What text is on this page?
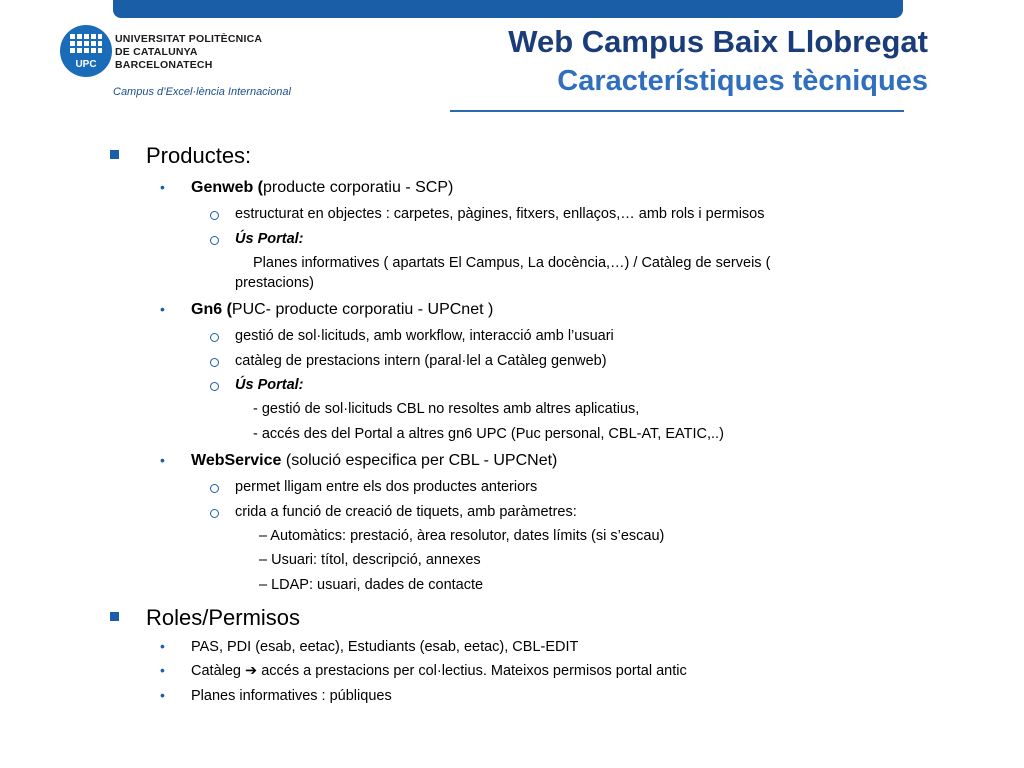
UPC
UNIVERSITAT POLITÈCNICA
DE CATALUNYA
BARCELONATECH
Campus d’Excel·lència Internacional
Web Campus Baix Llobregat
Característiques tècniques
Productes:
• Genweb (producte corporatiu - SCP)
estructurat en objectes : carpetes, pàgines, fitxers, enllaços,… amb rols i permisos
Ús Portal:
Planes informatives ( apartats El Campus, La docència,…) / Catàleg de serveis (
prestacions)
• Gn6 (PUC- producte corporatiu - UPCnet )
gestió de sol·licituds, amb workflow, interacció amb l’usuari
catàleg de prestacions intern (paral·lel a Catàleg genweb)
Ús Portal:
- gestió de sol·licituds CBL no resoltes amb altres aplicatius,
- accés des del Portal a altres gn6 UPC (Puc personal, CBL-AT, EATIC,..)
• WebService (solució especifica per CBL - UPCNet)
permet lligam entre els dos productes anteriors
crida a funció de creació de tiquets, amb paràmetres:
– Automàtics: prestació, àrea resolutor, dates límits (si s’escau)
– Usuari: títol, descripció, annexes
– LDAP: usuari, dades de contacte
Roles/Permisos
• PAS, PDI (esab, eetac), Estudiants (esab, eetac), CBL-EDIT
• Catàleg ➔ accés a prestacions per col·lectius. Mateixos permisos portal antic
• Planes informatives : públiques
